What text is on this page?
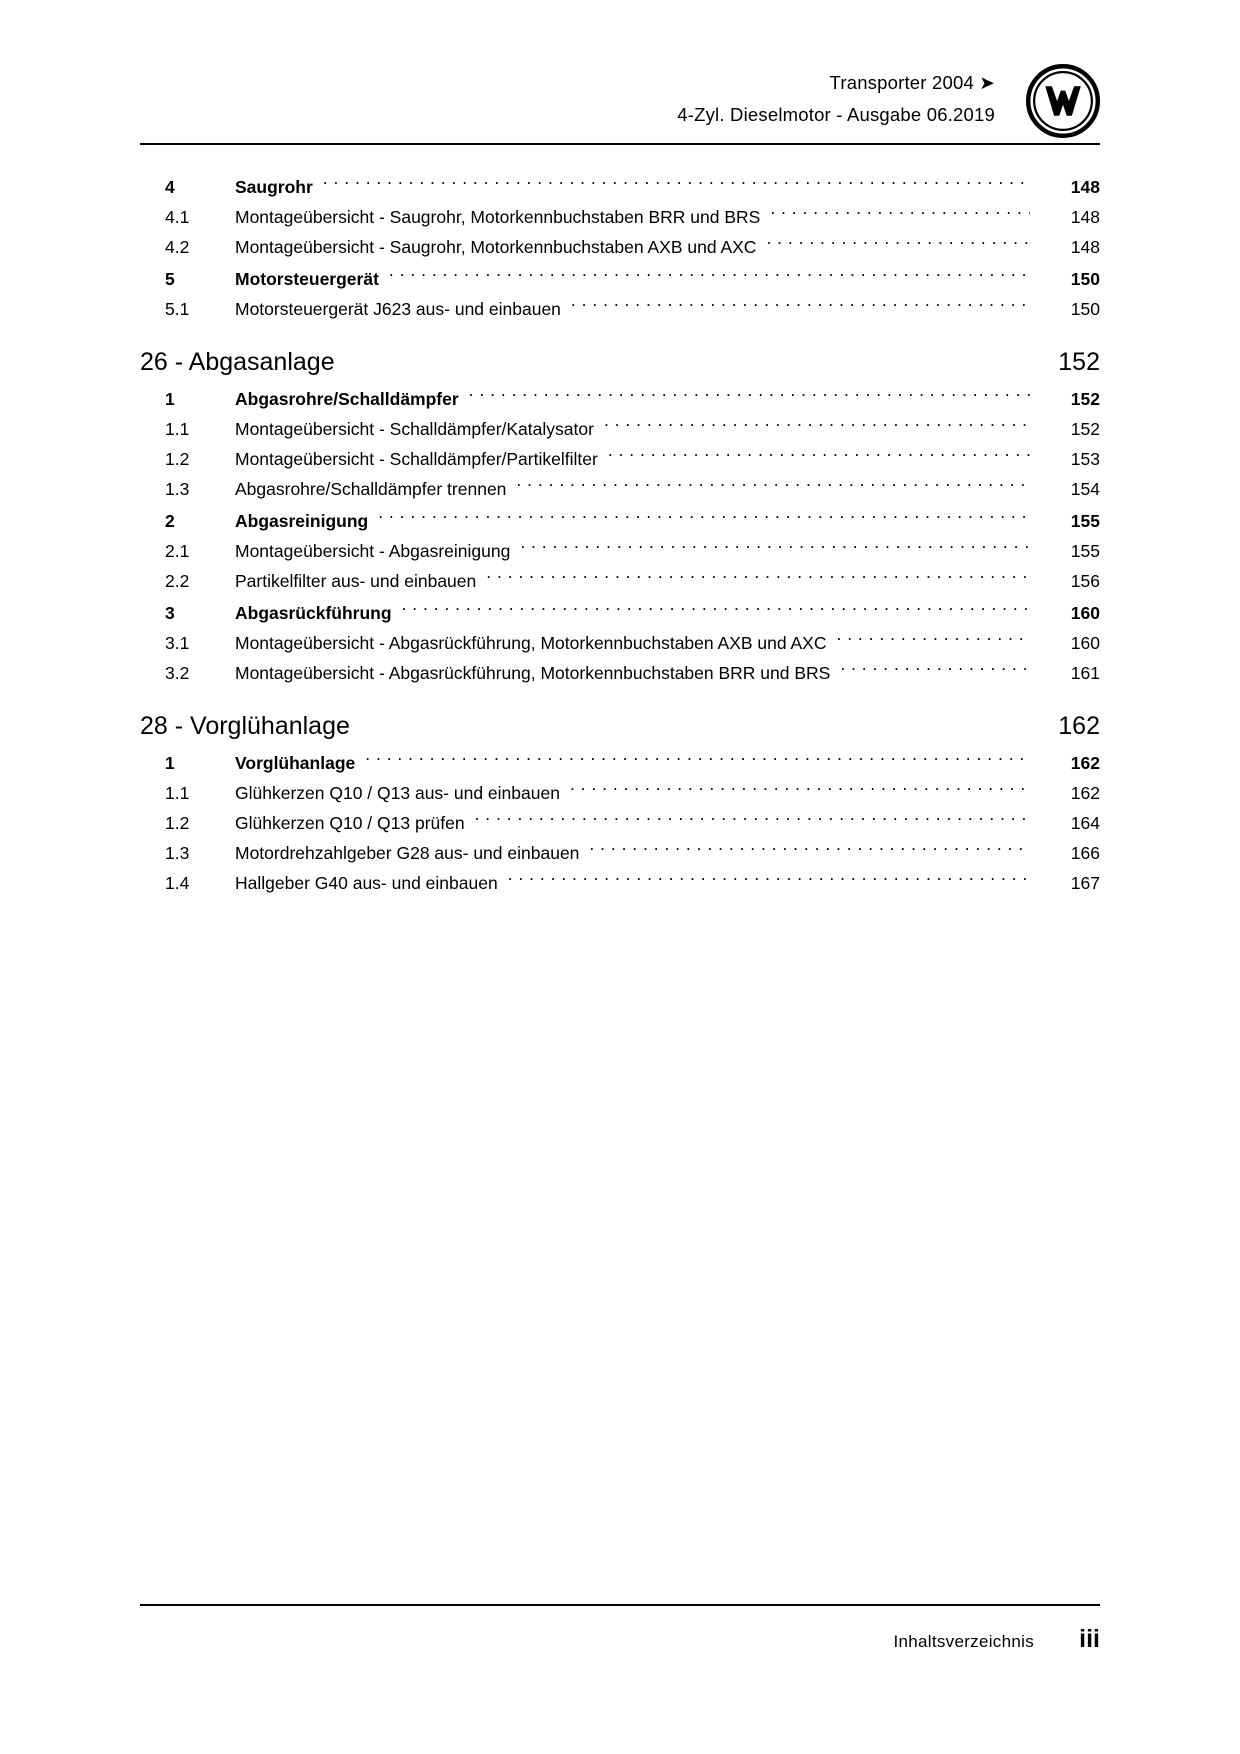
Transporter 2004 ➤
4-Zyl. Dieselmotor - Ausgabe 06.2019
4	Saugrohr . . .	148
4.1	Montageübersicht - Saugrohr, Motorkennbuchstaben BRR und BRS . . .	148
4.2	Montageübersicht - Saugrohr, Motorkennbuchstaben AXB und AXC . . .	148
5	Motorsteuergerät . . .	150
5.1	Motorsteuergerät J623 aus- und einbauen . . .	150
26 - Abgasanlage . . .	152
1	Abgasrohre/Schalldämpfer . . .	152
1.1	Montageübersicht - Schalldämpfer/Katalysator . . .	152
1.2	Montageübersicht - Schalldämpfer/Partikelfilter . . .	153
1.3	Abgasrohre/Schalldämpfer trennen . . .	154
2	Abgasreinigung . . .	155
2.1	Montageübersicht - Abgasreinigung . . .	155
2.2	Partikelfilter aus- und einbauen . . .	156
3	Abgasrückführung . . .	160
3.1	Montageübersicht - Abgasrückführung, Motorkennbuchstaben AXB und AXC . . .	160
3.2	Montageübersicht - Abgasrückführung, Motorkennbuchstaben BRR und BRS . . .	161
28 - Vorglühanlage . . .	162
1	Vorglühanlage . . .	162
1.1	Glühkerzen Q10 / Q13 aus- und einbauen . . .	162
1.2	Glühkerzen Q10 / Q13 prüfen . . .	164
1.3	Motordrehzahlgeber G28 aus- und einbauen . . .	166
1.4	Hallgeber G40 aus- und einbauen . . .	167
Inhaltsverzeichnis	iii
